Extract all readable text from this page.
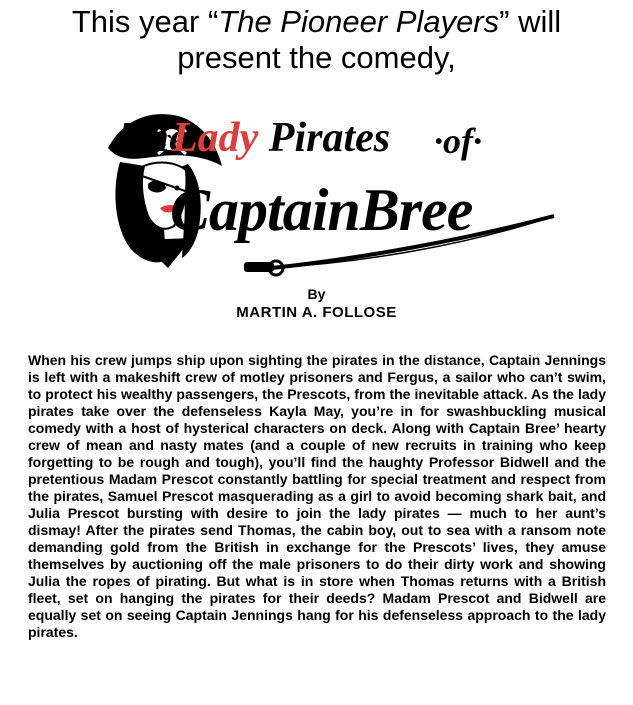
This year “The Pioneer Players” will
present the comedy,
The
Lady Pirates ·of·
CaptainBree
By
MARTIN A. FOLLOSE

When his crew jumps ship upon sighting the pirates in the distance, Captain Jennings is left with a makeshift crew of motley prisoners and Fergus, a sailor who can’t swim, to protect his wealthy passengers, the Prescots, from the inevitable attack. As the lady pirates take over the defenseless Kayla May, you’re in for swashbuckling musical comedy with a host of hysterical characters on deck. Along with Captain Bree’ hearty crew of mean and nasty mates (and a couple of new recruits in training who keep forgetting to be rough and tough), you’ll find the haughty Professor Bidwell and the pretentious Madam Prescot constantly battling for special treatment and respect from the pirates, Samuel Prescot masquerading as a girl to avoid becoming shark bait, and Julia Prescot bursting with desire to join the lady pirates — much to her aunt’s dismay! After the pirates send Thomas, the cabin boy, out to sea with a ransom note demanding gold from the British in exchange for the Prescots’ lives, they amuse themselves by auctioning off the male prisoners to do their dirty work and showing Julia the ropes of pirating. But what is in store when Thomas returns with a British fleet, set on hanging the pirates for their deeds? Madam Prescot and Bidwell are equally set on seeing Captain Jennings hang for his defenseless approach to the lady pirates.
